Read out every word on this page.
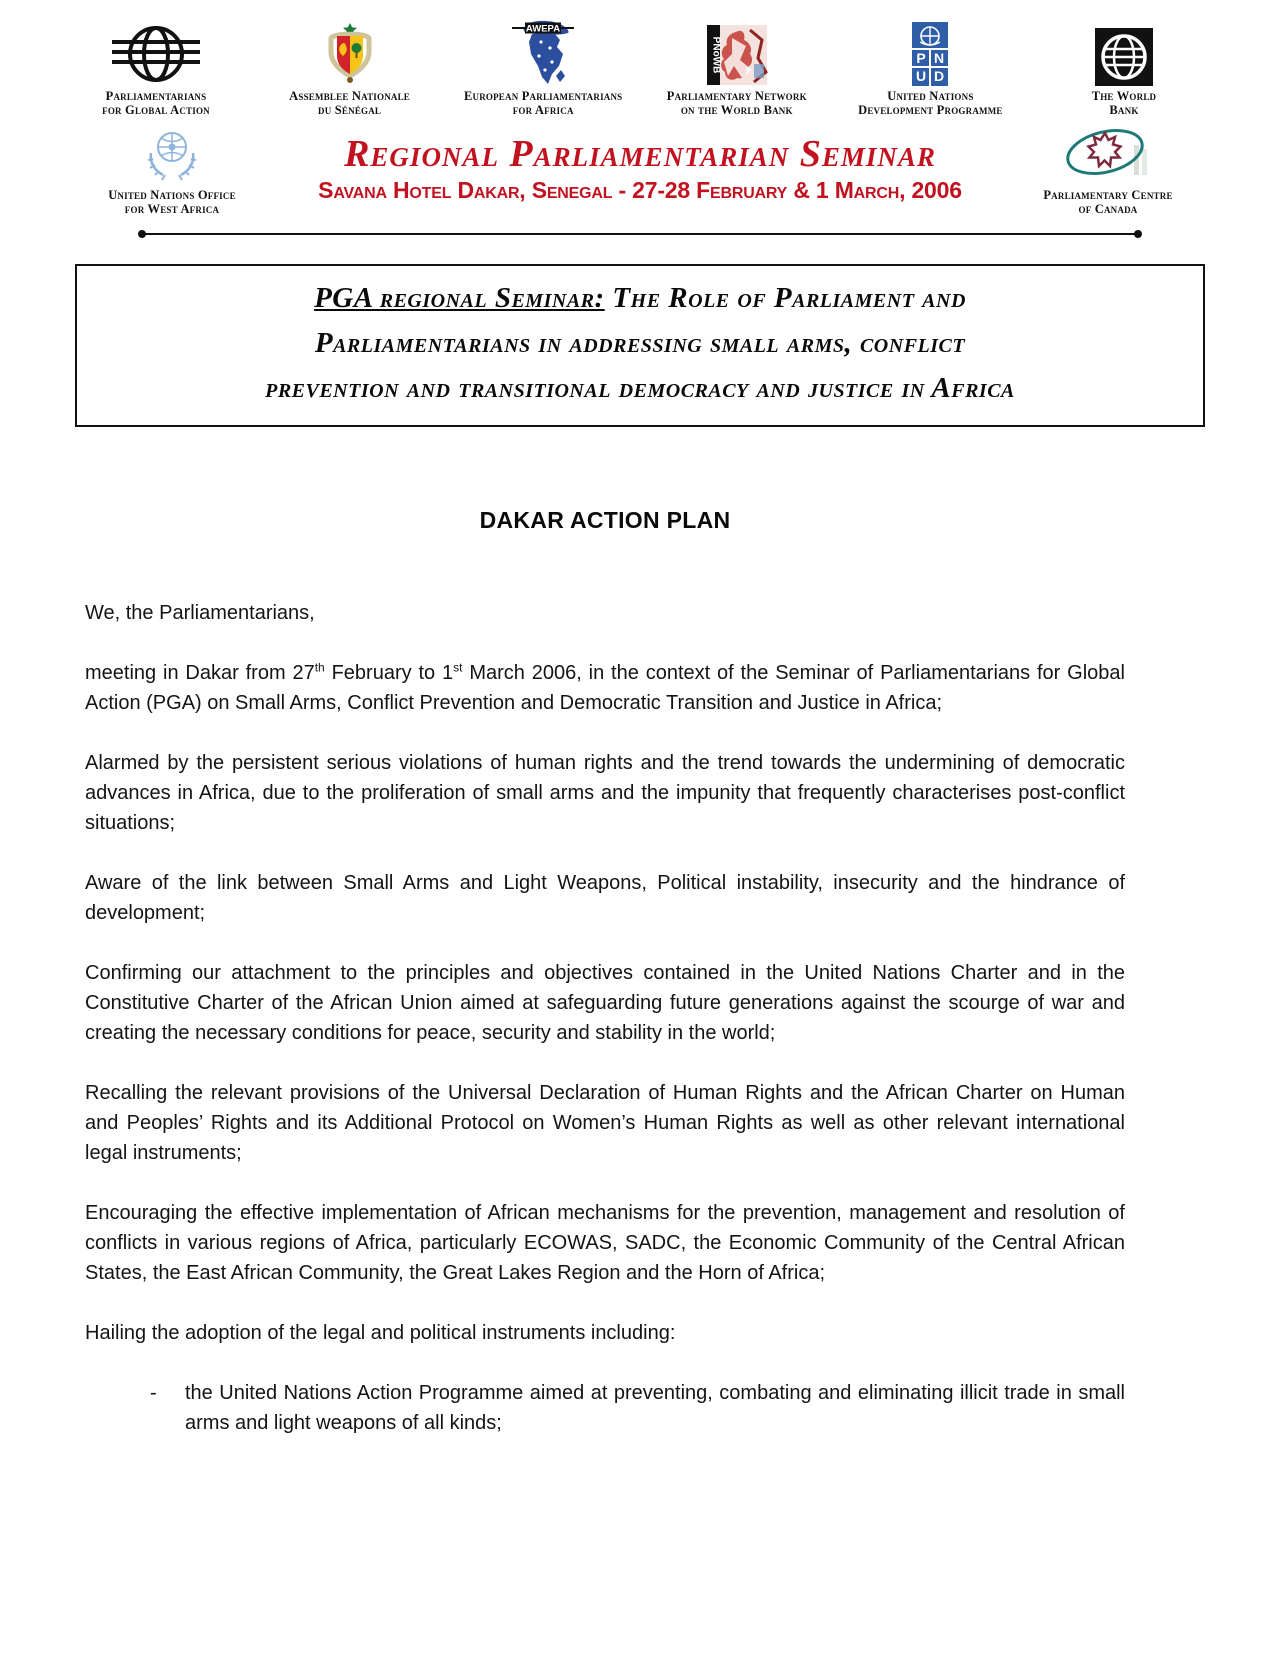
Parliamentarians
for Global Action
Assemblee Nationale
du Sénégal
AWEPA
European Parliamentarians
for Africa
PNoWB
Parliamentary Network
on the World Bank
P N
U D
United Nations
Development Programme
The World
Bank
United Nations Office
for West Africa
Regional Parliamentarian Seminar
Savana Hotel Dakar, Senegal - 27-28 February & 1 March, 2006	Parliamentary Centre
of Canada
PGA regional Seminar: The Role of Parliament and
Parliamentarians in addressing small arms, conflict
prevention and transitional democracy and justice in Africa
DAKAR ACTION PLAN

We, the Parliamentarians,

meeting in Dakar from 27th February to 1st March 2006, in the context of the Seminar of Parliamentarians for Global Action (PGA) on Small Arms, Conflict Prevention and Democratic Transition and Justice in Africa;

Alarmed by the persistent serious violations of human rights and the trend towards the undermining of democratic advances in Africa, due to the proliferation of small arms and the impunity that frequently characterises post-conflict situations;

Aware of the link between Small Arms and Light Weapons, Political instability, insecurity and the hindrance of development;

Confirming our attachment to the principles and objectives contained in the United Nations Charter and in the Constitutive Charter of the African Union aimed at safeguarding future generations against the scourge of war and creating the necessary conditions for peace, security and stability in the world;

Recalling the relevant provisions of the Universal Declaration of Human Rights and the African Charter on Human and Peoples’ Rights and its Additional Protocol on Women’s Human Rights as well as other relevant international legal instruments;

Encouraging the effective implementation of African mechanisms for the prevention, management and resolution of conflicts in various regions of Africa, particularly ECOWAS, SADC, the Economic Community of the Central African States, the East African Community, the Great Lakes Region and the Horn of Africa;

Hailing the adoption of the legal and political instruments including:

-	the United Nations Action Programme aimed at preventing, combating and eliminating illicit trade in small arms and light weapons of all kinds;
